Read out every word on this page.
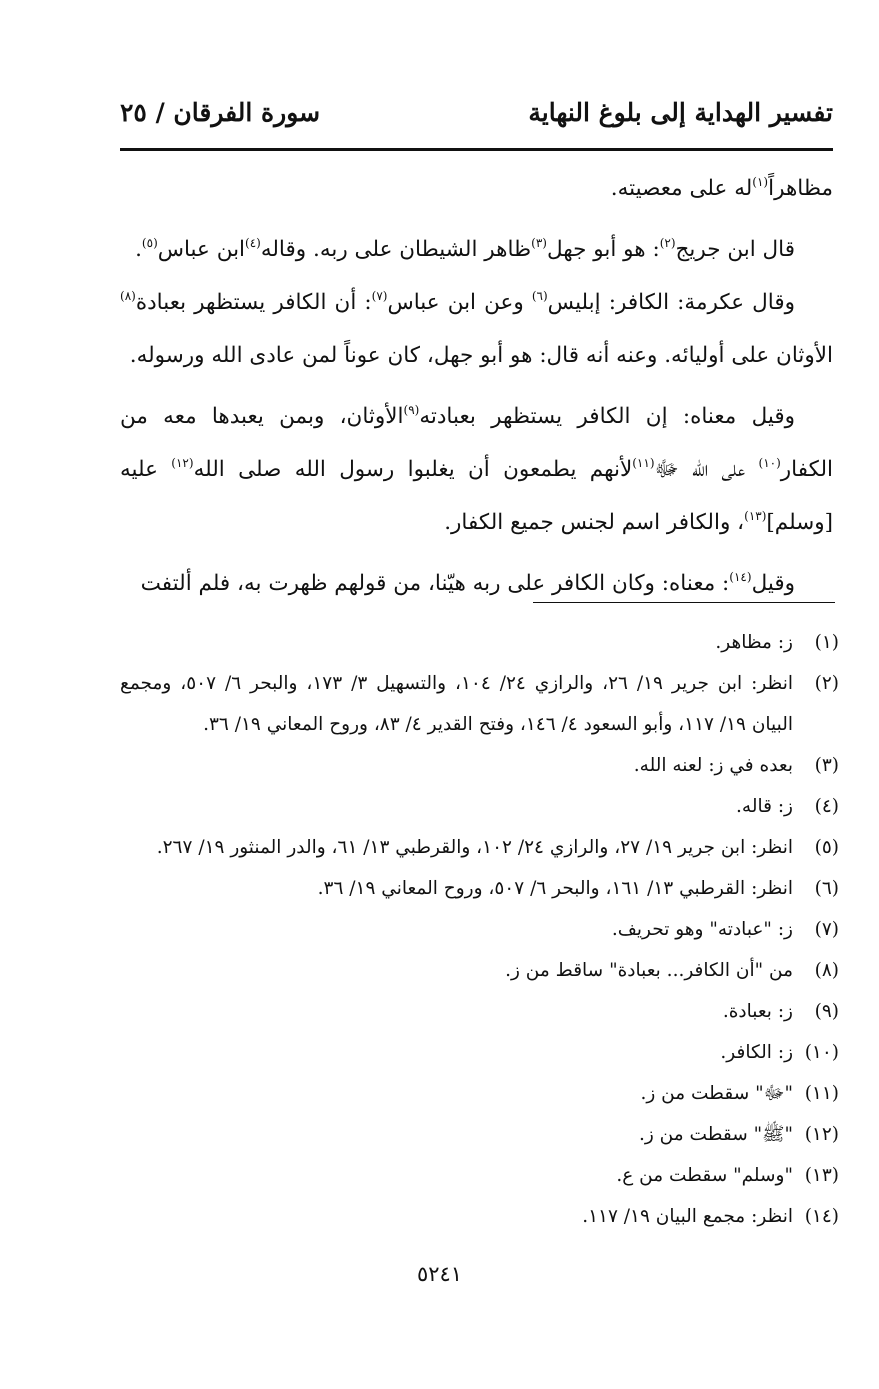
تفسير الهداية إلى بلوغ النهاية
سورة الفرقان / ٢٥

مظاهراً$^{(١)}$له على معصيته.

قال ابن جريج$^{(٢)}$: هو أبو جهل$^{(٣)}$ظاهر الشيطان على ربه. وقاله$^{(٤)}$ابن عباس$^{(٥)}$.

وقال عكرمة: الكافر: إبليس$^{(٦)}$ وعن ابن عباس$^{(٧)}$: أن الكافر يستظهر بعبادة$^{(٨)}$ الأوثان على أوليائه. وعنه أنه قال: هو أبو جهل، كان عوناً لمن عادى الله ورسوله.

وقيل معناه: إن الكافر يستظهر بعبادته$^{(٩)}$الأوثان، وبمن يعبدها معه من الكفار$^{(١٠)}$ على الله ﷻ$^{(١١)}$لأنهم يطمعون أن يغلبوا رسول الله صلى الله$^{(١٢)}$ عليه [وسلم]$^{(١٣)}$، والكافر اسم لجنس جميع الكفار.

وقيل$^{(١٤)}$: معناه: وكان الكافر على ربه هيّنا، من قولهم ظهرت به، فلم ألتفت

(١)
ز: مظاهر.
(٢)
انظر: ابن جرير ١٩/ ٢٦، والرازي ٢٤/ ١٠٤، والتسهيل ٣/ ١٧٣، والبحر ٦/ ٥٠٧، ومجمع البيان ١٩/ ١١٧، وأبو السعود ٤/ ١٤٦، وفتح القدير ٤/ ٨٣، وروح المعاني ١٩/ ٣٦.
(٣)
بعده في ز: لعنه الله.
(٤)
ز: قاله.
(٥)
انظر: ابن جرير ١٩/ ٢٧، والرازي ٢٤/ ١٠٢، والقرطبي ١٣/ ٦١، والدر المنثور ١٩/ ٢٦٧.
(٦)
انظر: القرطبي ١٣/ ١٦١، والبحر ٦/ ٥٠٧، وروح المعاني ١٩/ ٣٦.
(٧)
ز: "عبادته" وهو تحريف.
(٨)
من "أن الكافر... بعبادة" ساقط من ز.
(٩)
ز: بعبادة.
(١٠)
ز: الكافر.
(١١)
"ﷻ" سقطت من ز.
(١٢)
"ﷺ" سقطت من ز.
(١٣)
"وسلم" سقطت من ع.
(١٤)
انظر: مجمع البيان ١٩/ ١١٧.
٥٢٤١
